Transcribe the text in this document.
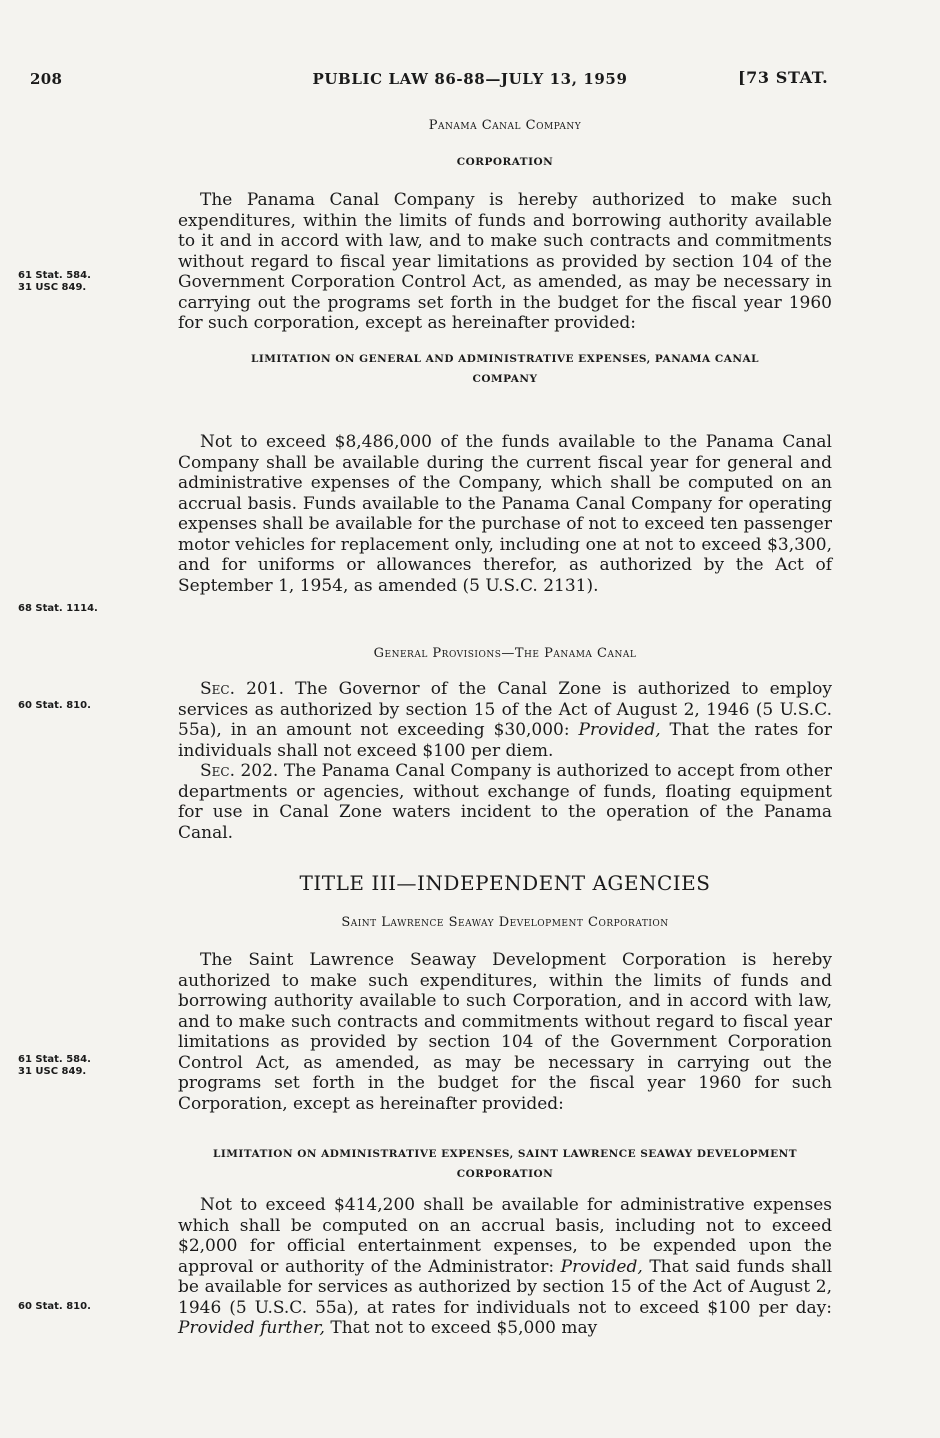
208	PUBLIC LAW 86-88—JULY 13, 1959	[73 STAT.
61 Stat. 584.
31 USC 849.
68 Stat. 1114.
60 Stat. 810.
61 Stat. 584.
31 USC 849.
60 Stat. 810.
Panama Canal Company
CORPORATION

The Panama Canal Company is hereby authorized to make such expenditures, within the limits of funds and borrowing authority available to it and in accord with law, and to make such contracts and commitments without regard to fiscal year limitations as provided by section 104 of the Government Corporation Control Act, as amended, as may be necessary in carrying out the programs set forth in the budget for the fiscal year 1960 for such corporation, except as hereinafter provided:

LIMITATION ON GENERAL AND ADMINISTRATIVE EXPENSES, PANAMA CANAL COMPANY

Not to exceed $8,486,000 of the funds available to the Panama Canal Company shall be available during the current fiscal year for general and administrative expenses of the Company, which shall be computed on an accrual basis. Funds available to the Panama Canal Company for operating expenses shall be available for the purchase of not to exceed ten passenger motor vehicles for replacement only, including one at not to exceed $3,300, and for uniforms or allowances therefor, as authorized by the Act of September 1, 1954, as amended (5 U.S.C. 2131).

General Provisions—The Panama Canal

Sec. 201. The Governor of the Canal Zone is authorized to employ services as authorized by section 15 of the Act of August 2, 1946 (5 U.S.C. 55a), in an amount not exceeding $30,000: Provided, That the rates for individuals shall not exceed $100 per diem.

Sec. 202. The Panama Canal Company is authorized to accept from other departments or agencies, without exchange of funds, floating equipment for use in Canal Zone waters incident to the operation of the Panama Canal.

TITLE III—INDEPENDENT AGENCIES
Saint Lawrence Seaway Development Corporation

The Saint Lawrence Seaway Development Corporation is hereby authorized to make such expenditures, within the limits of funds and borrowing authority available to such Corporation, and in accord with law, and to make such contracts and commitments without regard to fiscal year limitations as provided by section 104 of the Government Corporation Control Act, as amended, as may be necessary in carrying out the programs set forth in the budget for the fiscal year 1960 for such Corporation, except as hereinafter provided:

LIMITATION ON ADMINISTRATIVE EXPENSES, SAINT LAWRENCE SEAWAY DEVELOPMENT CORPORATION

Not to exceed $414,200 shall be available for administrative expenses which shall be computed on an accrual basis, including not to exceed $2,000 for official entertainment expenses, to be expended upon the approval or authority of the Administrator: Provided, That said funds shall be available for services as authorized by section 15 of the Act of August 2, 1946 (5 U.S.C. 55a), at rates for individuals not to exceed $100 per day: Provided further, That not to exceed $5,000 may
